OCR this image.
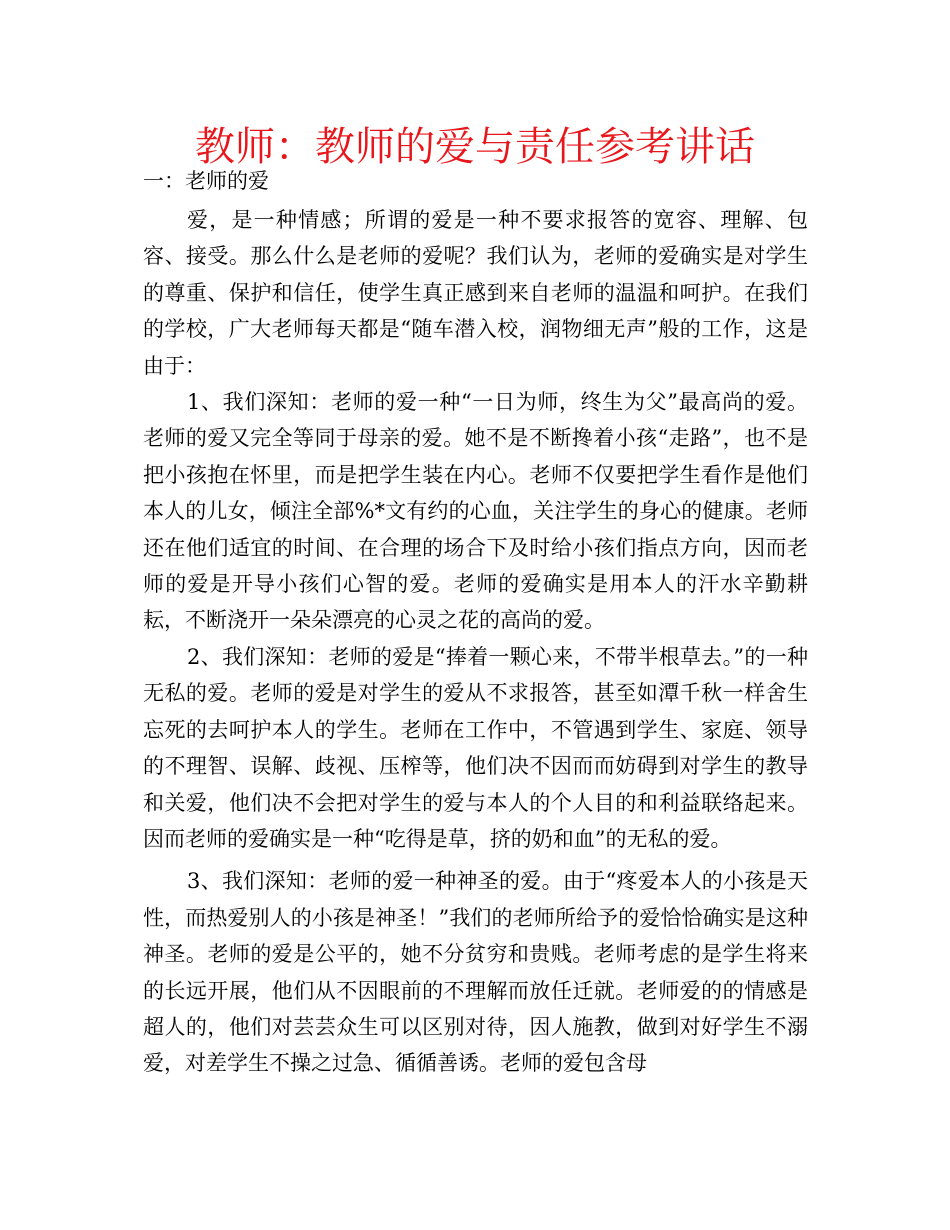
教师：教师的爱与责任参考讲话
一：老师的爱

爱，是一种情感；所谓的爱是一种不要求报答的宽容、理解、包容、接受。那么什么是老师的爱呢？我们认为，老师的爱确实是对学生的尊重、保护和信任，使学生真正感到来自老师的温温和呵护。在我们的学校，广大老师每天都是“随车潜入校，润物细无声”般的工作，这是由于：

1、我们深知：老师的爱一种“一日为师，终生为父”最高尚的爱。老师的爱又完全等同于母亲的爱。她不是不断搀着小孩“走路”，也不是把小孩抱在怀里，而是把学生装在内心。老师不仅要把学生看作是他们本人的儿女，倾注全部%*文有约的心血，关注学生的身心的健康。老师还在他们适宜的时间、在合理的场合下及时给小孩们指点方向，因而老师的爱是开导小孩们心智的爱。老师的爱确实是用本人的汗水辛勤耕耘，不断浇开一朵朵漂亮的心灵之花的高尚的爱。

2、我们深知：老师的爱是“捧着一颗心来，不带半根草去。”的一种无私的爱。老师的爱是对学生的爱从不求报答，甚至如潭千秋一样舍生忘死的去呵护本人的学生。老师在工作中，不管遇到学生、家庭、领导的不理智、误解、歧视、压榨等，他们决不因而而妨碍到对学生的教导和关爱，他们决不会把对学生的爱与本人的个人目的和利益联络起来。因而老师的爱确实是一种“吃得是草，挤的奶和血”的无私的爱。

3、我们深知：老师的爱一种神圣的爱。由于“疼爱本人的小孩是天性，而热爱别人的小孩是神圣！”我们的老师所给予的爱恰恰确实是这种神圣。老师的爱是公平的，她不分贫穷和贵贱。老师考虑的是学生将来的长远开展，他们从不因眼前的不理解而放任迁就。老师爱的的情感是超人的，他们对芸芸众生可以区别对待，因人施教，做到对好学生不溺爱，对差学生不操之过急、循循善诱。老师的爱包含母
